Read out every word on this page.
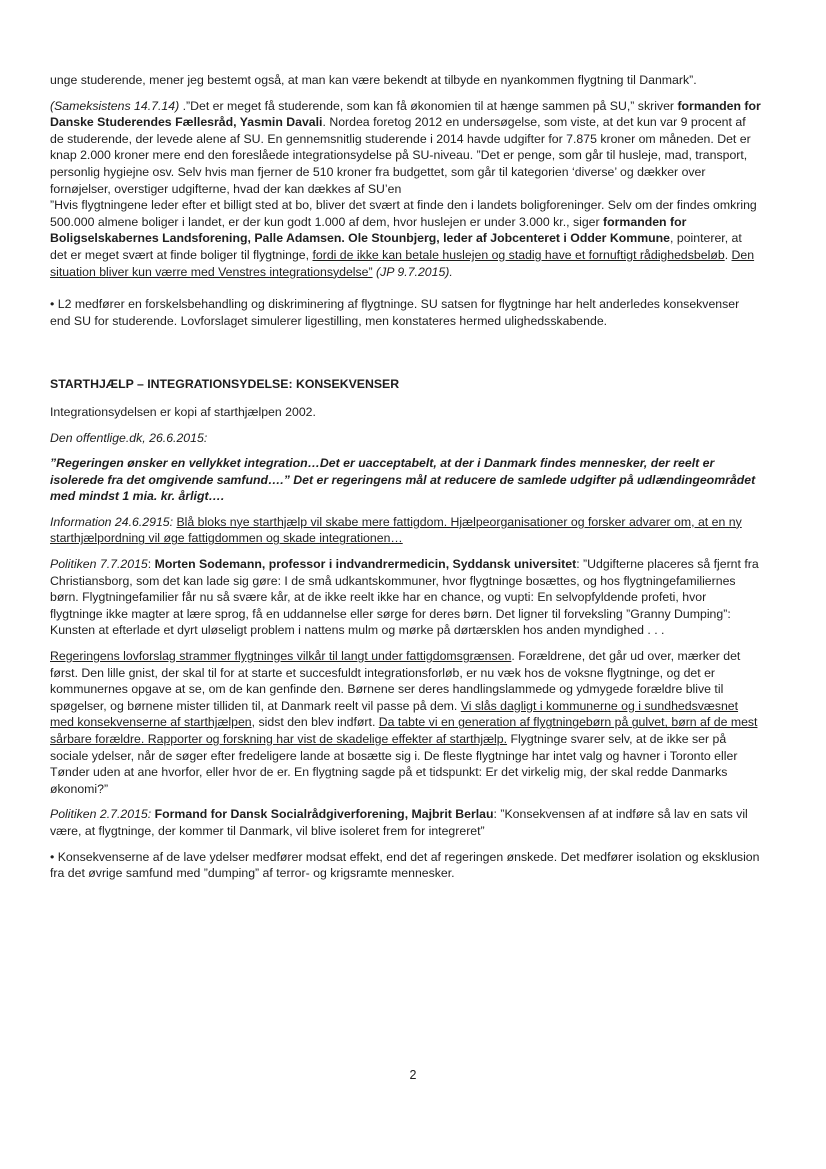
unge studerende, mener jeg bestemt også, at man kan være bekendt at tilbyde en nyankommen flygtning til Danmark”.

(Sameksistens 14.7.14) .”Det er meget få studerende, som kan få økonomien til at hænge sammen på SU,” skriver formanden for Danske Studerendes Fællesråd, Yasmin Davali. Nordea foretog 2012 en undersøgelse, som viste, at det kun var 9 procent af de studerende, der levede alene af SU. En gennemsnitlig studerende i 2014 havde udgifter for 7.875 kroner om måneden. Det er knap 2.000 kroner mere end den foreslåede integrationsydelse på SU-niveau. ”Det er penge, som går til husleje, mad, transport, personlig hygiejne osv. Selv hvis man fjerner de 510 kroner fra budgettet, som går til kategorien ‘diverse’ og dækker over fornøjelser, overstiger udgifterne, hvad der kan dækkes af SU’en
”Hvis flygtningene leder efter et billigt sted at bo, bliver det svært at finde den i landets boligforeninger. Selv om der findes omkring 500.000 almene boliger i landet, er der kun godt 1.000 af dem, hvor huslejen er under 3.000 kr., siger formanden for Boligselskabernes Landsforening, Palle Adamsen. Ole Stounbjerg, leder af Jobcenteret i Odder Kommune, pointerer, at det er meget svært at finde boliger til flygtninge, fordi de ikke kan betale huslejen og stadig have et fornuftigt rådighedsbeløb. Den situation bliver kun værre med Venstres integrationsydelse” (JP 9.7.2015).

• L2 medfører en forskelsbehandling og diskriminering af flygtninge. SU satsen for flygtninge har helt anderledes konsekvenser end SU for studerende. Lovforslaget simulerer ligestilling, men konstateres hermed ulighedsskabende.

STARTHJÆLP – INTEGRATIONSYDELSE: KONSEKVENSER

Integrationsydelsen er kopi af starthjælpen 2002.

Den offentlige.dk, 26.6.2015:

”Regeringen ønsker en vellykket integration…Det er uacceptabelt, at der i Danmark findes mennesker, der reelt er isolerede fra det omgivende samfund….” Det er regeringens mål at reducere de samlede udgifter på udlændingeområdet med mindst 1 mia. kr. årligt….

Information 24.6.2915: Blå bloks nye starthjælp vil skabe mere fattigdom. Hjælpeorganisationer og forsker advarer om, at en ny starthjælpordning vil øge fattigdommen og skade integrationen…

Politiken 7.7.2015: Morten Sodemann, professor i indvandrermedicin, Syddansk universitet: ”Udgifterne placeres så fjernt fra Christiansborg, som det kan lade sig gøre: I de små udkantskommuner, hvor flygtninge bosættes, og hos flygtningefamiliernes børn. Flygtningefamilier får nu så svære kår, at de ikke reelt ikke har en chance, og vupti: En selvopfyldende profeti, hvor flygtninge ikke magter at lære sprog, få en uddannelse eller sørge for deres børn. Det ligner til forveksling ”Granny Dumping”: Kunsten at efterlade et dyrt uløseligt problem i nattens mulm og mørke på dørtærsklen hos anden myndighed . . .

Regeringens lovforslag strammer flygtninges vilkår til langt under fattigdomsgrænsen. Forældrene, det går ud over, mærker det først. Den lille gnist, der skal til for at starte et succesfuldt integrationsforløb, er nu væk hos de voksne flygtninge, og det er kommunernes opgave at se, om de kan genfinde den. Børnene ser deres handlingslammede og ydmygede forældre blive til spøgelser, og børnene mister tilliden til, at Danmark reelt vil passe på dem. Vi slås dagligt i kommunerne og i sundhedsvæsnet med konsekvenserne af starthjælpen, sidst den blev indført. Da tabte vi en generation af flygtningebørn på gulvet, børn af de mest sårbare forældre. Rapporter og forskning har vist de skadelige effekter af starthjælp. Flygtninge svarer selv, at de ikke ser på sociale ydelser, når de søger efter fredeligere lande at bosætte sig i. De fleste flygtninge har intet valg og havner i Toronto eller Tønder uden at ane hvorfor, eller hvor de er. En flygtning sagde på et tidspunkt: Er det virkelig mig, der skal redde Danmarks økonomi?”

Politiken 2.7.2015: Formand for Dansk Socialrådgiverforening, Majbrit Berlau: ”Konsekvensen af at indføre så lav en sats vil være, at flygtninge, der kommer til Danmark, vil blive isoleret frem for integreret”

• Konsekvenserne af de lave ydelser medfører modsat effekt, end det af regeringen ønskede. Det medfører isolation og eksklusion fra det øvrige samfund med ”dumping” af terror- og krigsramte mennesker.

2
